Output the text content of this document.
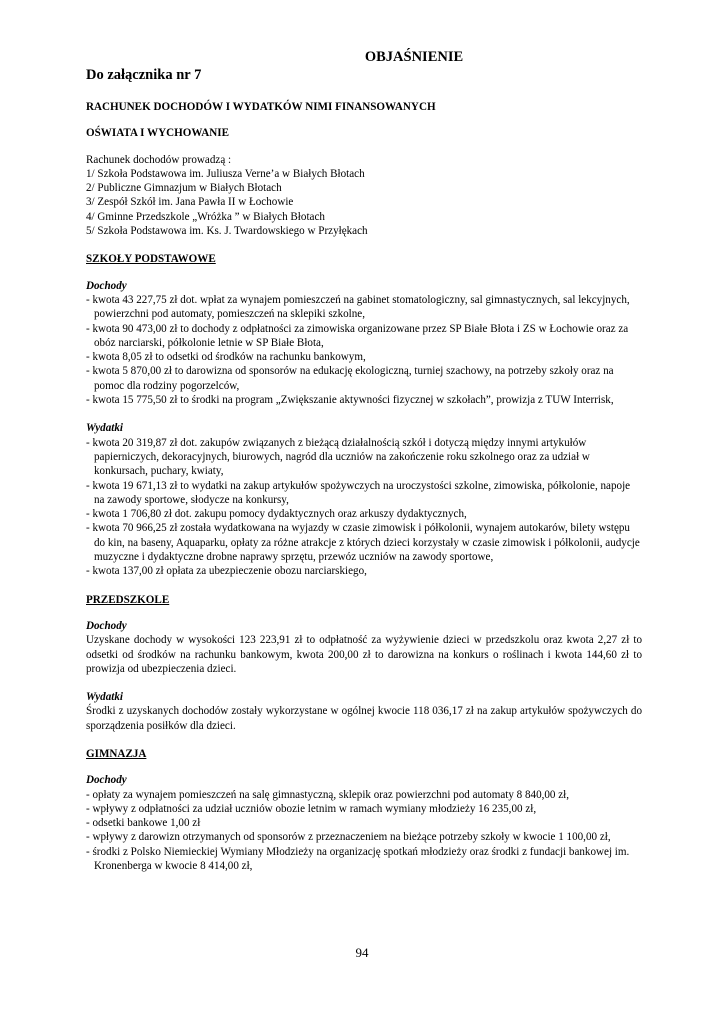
OBJAŚNIENIE

Do załącznika nr 7

RACHUNEK DOCHODÓW I WYDATKÓW NIMI FINANSOWANYCH

OŚWIATA I WYCHOWANIE

Rachunek dochodów prowadzą :

1/ Szkoła Podstawowa im. Juliusza Verne’a w Białych Błotach
2/ Publiczne Gimnazjum w Białych Błotach
3/ Zespół Szkół im. Jana Pawła II w Łochowie
4/ Gminne Przedszkole „Wróżka ” w Białych Błotach
5/ Szkoła Podstawowa im. Ks. J. Twardowskiego w Przyłękach

SZKOŁY PODSTAWOWE

Dochody

- kwota 43 227,75 zł dot. wpłat za wynajem pomieszczeń na gabinet stomatologiczny, sal gimnastycznych, sal lekcyjnych, powierzchni pod automaty, pomieszczeń na sklepiki szkolne,
- kwota 90 473,00 zł to dochody z odpłatności za zimowiska organizowane przez SP Białe Błota i ZS w Łochowie oraz za obóz narciarski, półkolonie letnie w SP Białe Błota,
- kwota 8,05 zł to odsetki od środków na rachunku bankowym,
- kwota 5 870,00 zł to darowizna od sponsorów na edukację ekologiczną, turniej szachowy, na potrzeby szkoły oraz na pomoc dla rodziny pogorzelców,
- kwota 15 775,50 zł to środki na program „Zwiększanie aktywności fizycznej w szkołach”, prowizja z TUW Interrisk,

Wydatki

- kwota 20 319,87 zł dot. zakupów związanych z bieżącą działalnością szkół i dotyczą między innymi artykułów papierniczych, dekoracyjnych, biurowych, nagród dla uczniów na zakończenie roku szkolnego oraz za udział w konkursach, puchary, kwiaty,
- kwota 19 671,13 zł to wydatki na zakup artykułów spożywczych na uroczystości szkolne, zimowiska, półkolonie, napoje na zawody sportowe, słodycze na konkursy,
- kwota 1 706,80 zł dot. zakupu pomocy dydaktycznych oraz arkuszy dydaktycznych,
- kwota 70 966,25 zł została wydatkowana na wyjazdy w czasie zimowisk i półkolonii, wynajem autokarów, bilety wstępu do kin, na baseny, Aquaparku, opłaty za różne atrakcje z których dzieci korzystały w czasie zimowisk i półkolonii, audycje muzyczne i dydaktyczne drobne naprawy sprzętu, przewóz uczniów na zawody sportowe,
- kwota 137,00 zł opłata za ubezpieczenie obozu narciarskiego,

PRZEDSZKOLE

Dochody

Uzyskane dochody w wysokości 123 223,91 zł to odpłatność za wyżywienie dzieci w przedszkolu oraz kwota 2,27 zł to odsetki od środków na rachunku bankowym, kwota 200,00 zł to darowizna na konkurs o roślinach i kwota 144,60 zł to prowizja od ubezpieczenia dzieci.

Wydatki

Środki z uzyskanych dochodów zostały wykorzystane w ogólnej kwocie 118 036,17 zł na zakup artykułów spożywczych do sporządzenia posiłków dla dzieci.

GIMNAZJA

Dochody

- opłaty za wynajem pomieszczeń na salę gimnastyczną, sklepik oraz powierzchni pod automaty 8 840,00 zł,
- wpływy z odpłatności za udział uczniów obozie letnim w ramach wymiany młodzieży 16 235,00 zł,
- odsetki bankowe 1,00 zł
- wpływy z darowizn otrzymanych od sponsorów z przeznaczeniem na bieżące potrzeby szkoły w kwocie 1 100,00 zł,
- środki z Polsko Niemieckiej Wymiany Młodzieży na organizację spotkań młodzieży oraz środki z fundacji bankowej im. Kronenberga w kwocie 8 414,00 zł,
94
